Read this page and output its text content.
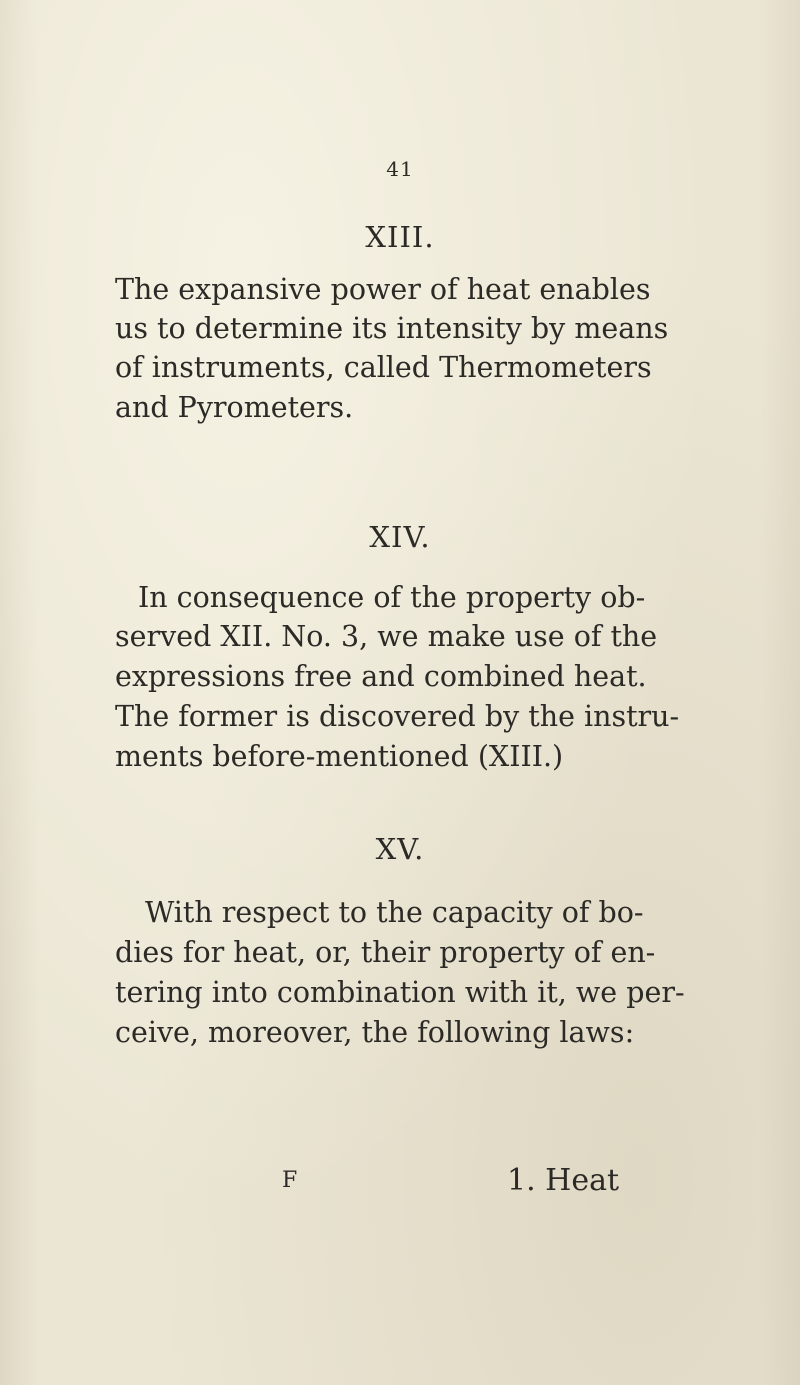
41
XIII.
The expansive power of heat enables
us to determine its intensity by means
of instruments, called Thermometers
and Pyrometers.
XIV.
In consequence of the property ob-
served XII. No. 3, we make use of the
expressions free and combined heat.
The former is discovered by the instru-
ments before-mentioned (XIII.)
XV.
With respect to the capacity of bo-
dies for heat, or, their property of en-
tering into combination with it, we per-
ceive, moreover, the following laws:
F	1. Heat
